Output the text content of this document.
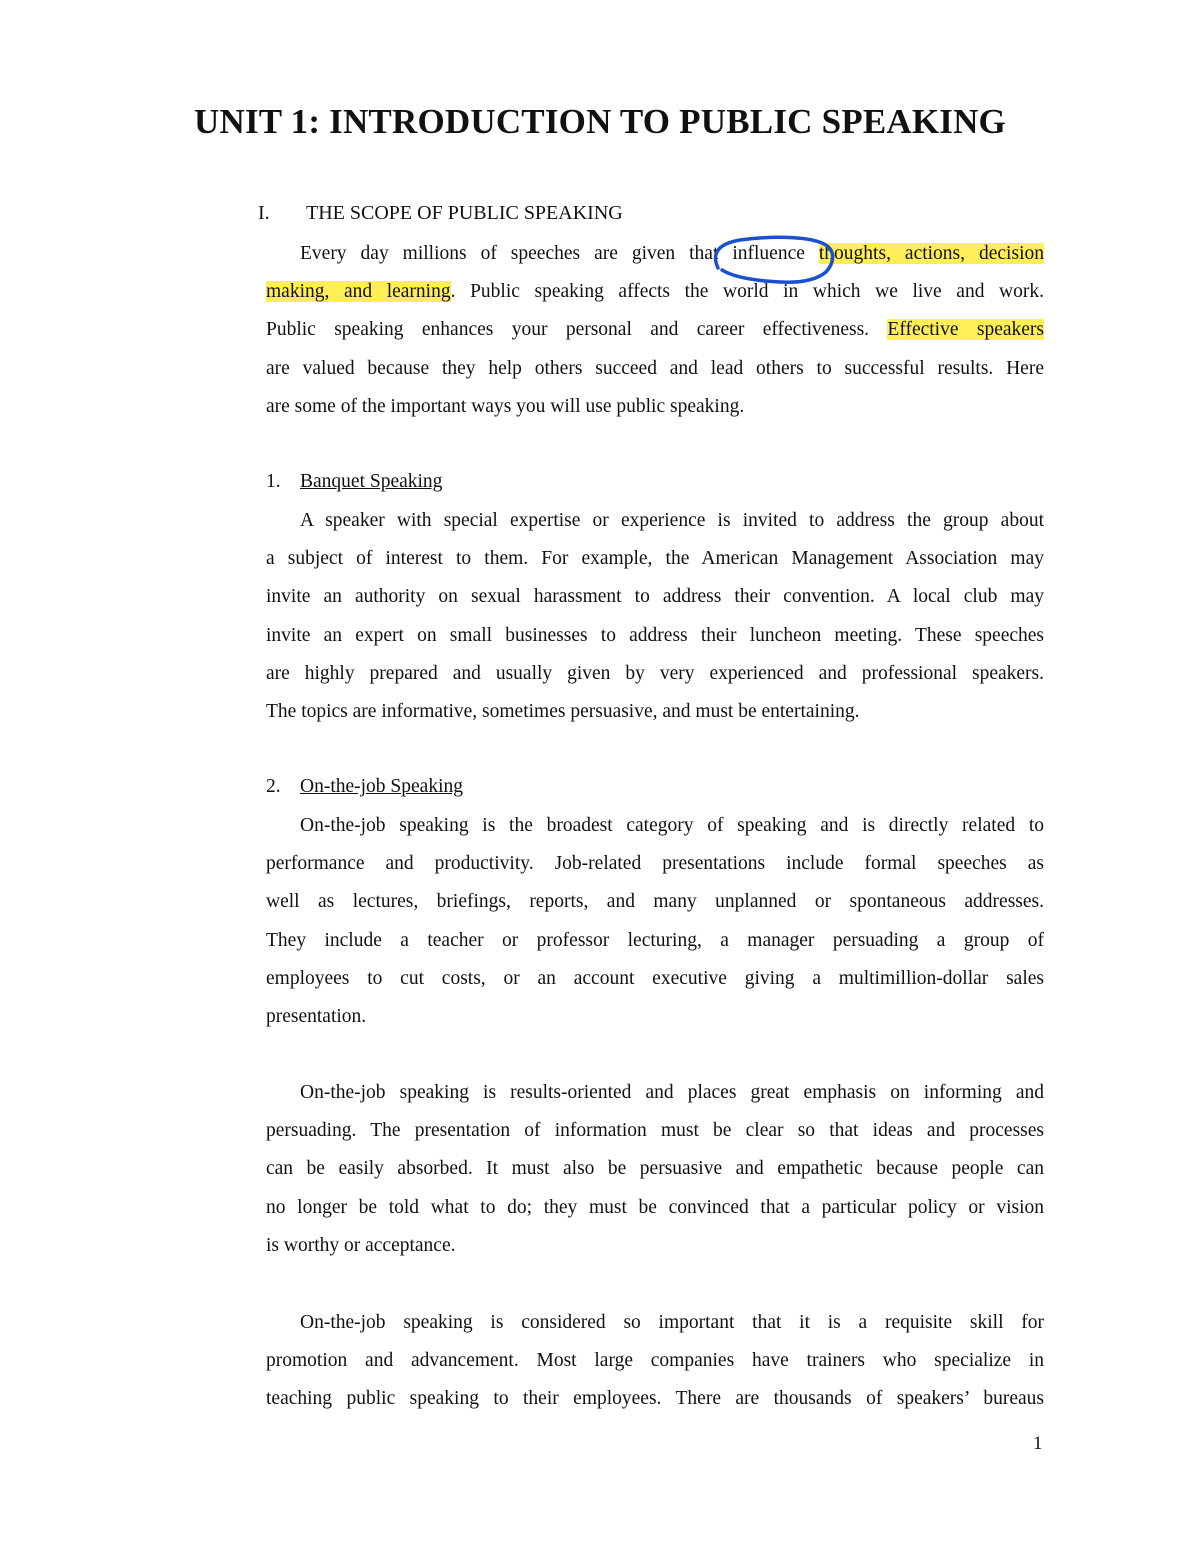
UNIT 1: INTRODUCTION TO PUBLIC SPEAKING
I. THE SCOPE OF PUBLIC SPEAKING
Every day millions of speeches are given that influence thoughts, actions, decision
making, and learning. Public speaking affects the world in which we live and work.
Public speaking enhances your personal and career effectiveness. Effective speakers
are valued because they help others succeed and lead others to successful results. Here
are some of the important ways you will use public speaking.
1. Banquet Speaking
A speaker with special expertise or experience is invited to address the group about
a subject of interest to them. For example, the American Management Association may
invite an authority on sexual harassment to address their convention. A local club may
invite an expert on small businesses to address their luncheon meeting. These speeches
are highly prepared and usually given by very experienced and professional speakers.
The topics are informative, sometimes persuasive, and must be entertaining.
2. On-the-job Speaking
On-the-job speaking is the broadest category of speaking and is directly related to
performance and productivity. Job-related presentations include formal speeches as
well as lectures, briefings, reports, and many unplanned or spontaneous addresses.
They include a teacher or professor lecturing, a manager persuading a group of
employees to cut costs, or an account executive giving a multimillion-dollar sales
presentation.
On-the-job speaking is results-oriented and places great emphasis on informing and
persuading. The presentation of information must be clear so that ideas and processes
can be easily absorbed. It must also be persuasive and empathetic because people can
no longer be told what to do; they must be convinced that a particular policy or vision
is worthy or acceptance.
On-the-job speaking is considered so important that it is a requisite skill for
promotion and advancement. Most large companies have trainers who specialize in
teaching public speaking to their employees. There are thousands of speakers’ bureaus
1
